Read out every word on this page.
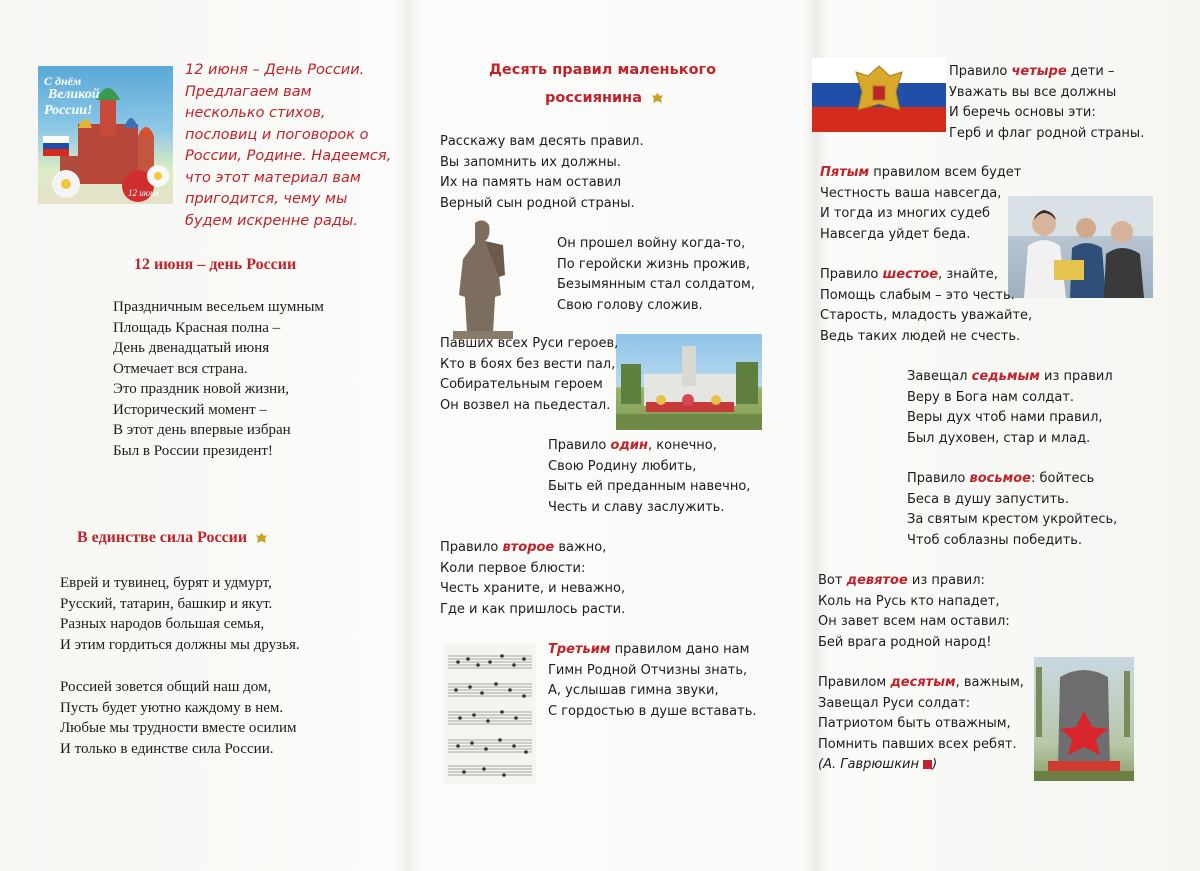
С днём
Великой
России!
12 июня
12 июня – День России.
Предлагаем вам
несколько стихов,
пословиц и поговорок о
России, Родине. Надеемся,
что этот материал вам
пригодится, чему мы
будем искренне рады.
12 июня – день России
Праздничным весельем шумным
Площадь Красная полна –
День двенадцатый июня
Отмечает вся страна.
Это праздник новой жизни,
Исторический момент –
В этот день впервые избран
Был в России президент!
В единстве сила России
Еврей и тувинец, бурят и удмурт,
Русский, татарин, башкир и якут.
Разных народов большая семья,
И этим гордиться должны мы друзья.
Россией зовется общий наш дом,
Пусть будет уютно каждому в нем.
Любые мы трудности вместе осилим
И только в единстве сила России.
Десять правил маленького
россиянина
Расскажу вам десять правил.
Вы запомнить их должны.
Их на память нам оставил
Верный сын родной страны.
Он прошел войну когда-то,
По геройски жизнь прожив,
Безымянным стал солдатом,
Свою голову сложив.
Павших всех Руси героев,
Кто в боях без вести пал,
Собирательным героем
Он возвел на пьедестал.
Правило один, конечно,
Свою Родину любить,
Быть ей преданным навечно,
Честь и славу заслужить.
Правило второе важно,
Коли первое блюсти:
Честь храните, и неважно,
Где и как пришлось расти.
Третьим правилом дано нам
Гимн Родной Отчизны знать,
А, услышав гимна звуки,
С гордостью в душе вставать.
Правило четыре дети –
Уважать вы все должны
И беречь основы эти:
Герб и флаг родной страны.
Пятым правилом всем будет
Честность ваша навсегда,
И тогда из многих судеб
Навсегда уйдет беда.
Правило шестое, знайте,
Помощь слабым – это честь.
Старость, младость уважайте,
Ведь таких людей не счесть.
Завещал седьмым из правил
Веру в Бога нам солдат.
Веры дух чтоб нами правил,
Был духовен, стар и млад.
Правило восьмое: бойтесь
Беса в душу запустить.
За святым крестом укройтесь,
Чтоб соблазны победить.
Вот девятое из правил:
Коль на Русь кто нападет,
Он завет всем нам оставил:
Бей врага родной народ!
Правилом десятым, важным,
Завещал Руси солдат:
Патриотом быть отважным,
Помнить павших всех ребят.
(А. Гаврюшкин )
